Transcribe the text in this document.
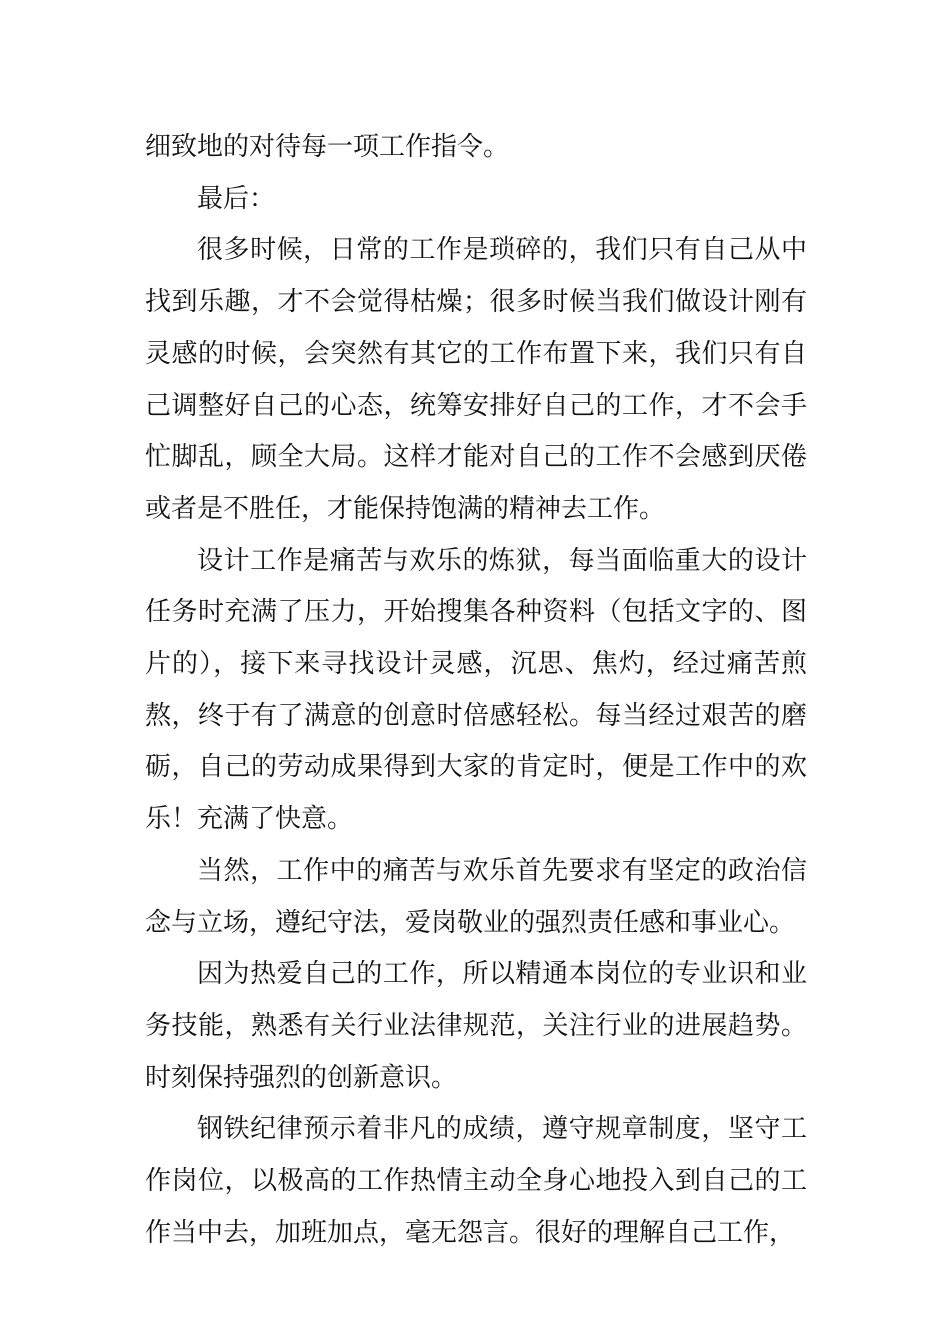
细致地的对待每一项工作指令。

最后：

很多时候，日常的工作是琐碎的，我们只有自己从中找到乐趣，才不会觉得枯燥；很多时候当我们做设计刚有灵感的时候，会突然有其它的工作布置下来，我们只有自己调整好自己的心态，统筹安排好自己的工作，才不会手忙脚乱，顾全大局。这样才能对自己的工作不会感到厌倦或者是不胜任，才能保持饱满的精神去工作。

设计工作是痛苦与欢乐的炼狱，每当面临重大的设计任务时充满了压力，开始搜集各种资料（包括文字的、图片的），接下来寻找设计灵感，沉思、焦灼，经过痛苦煎熬，终于有了满意的创意时倍感轻松。每当经过艰苦的磨砺，自己的劳动成果得到大家的肯定时，便是工作中的欢乐！充满了快意。

当然，工作中的痛苦与欢乐首先要求有坚定的政治信念与立场，遵纪守法，爱岗敬业的强烈责任感和事业心。

因为热爱自己的工作，所以精通本岗位的专业识和业务技能，熟悉有关行业法律规范，关注行业的进展趋势。时刻保持强烈的创新意识。

钢铁纪律预示着非凡的成绩，遵守规章制度，坚守工作岗位，以极高的工作热情主动全身心地投入到自己的工作当中去，加班加点，毫无怨言。很好的理解自己工作，
